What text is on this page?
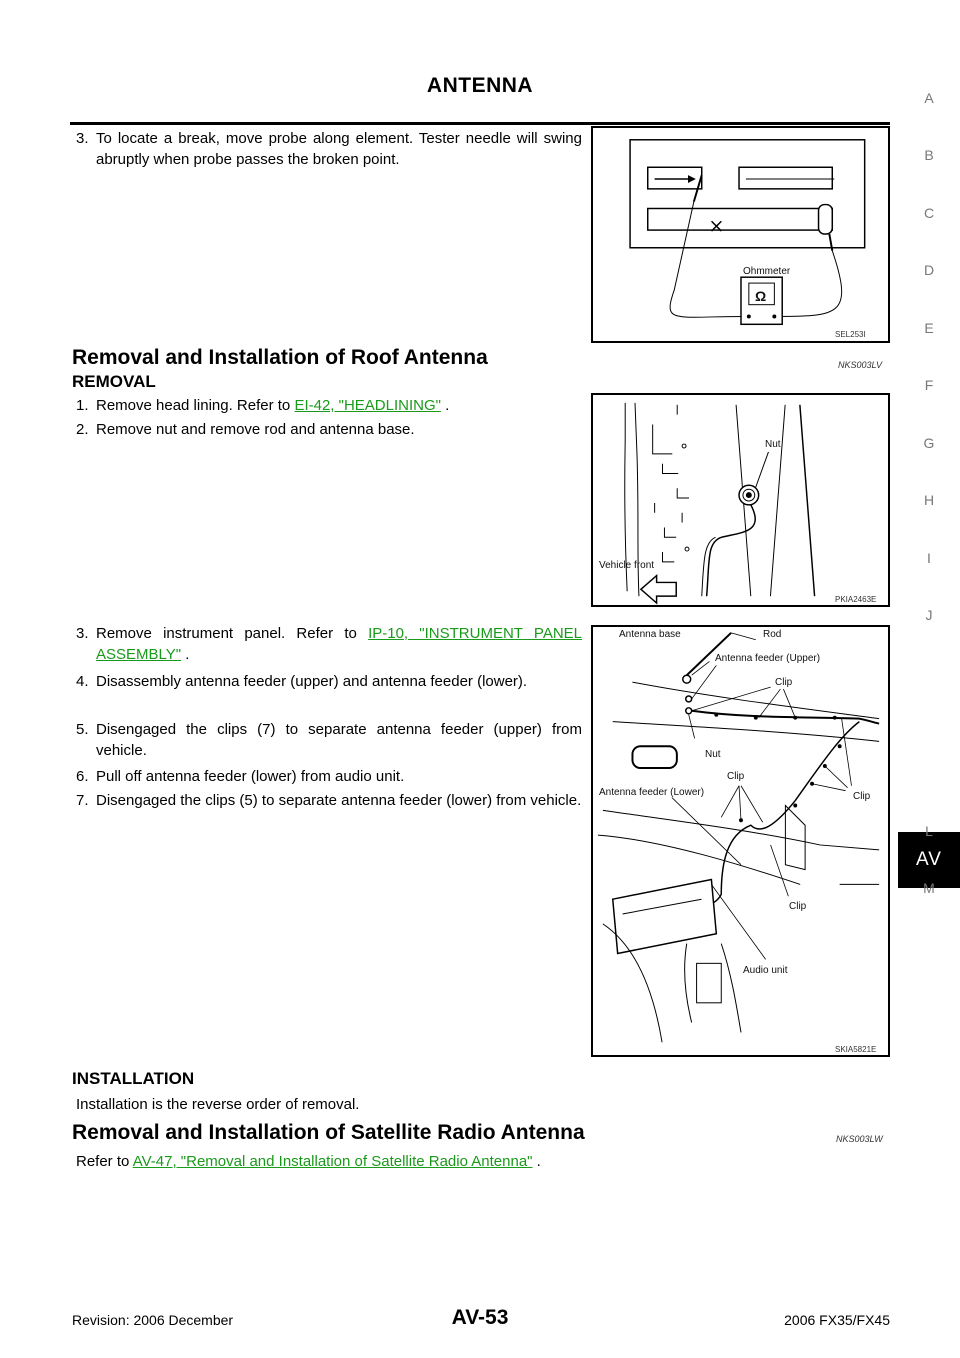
ANTENNA
A
B
C
D
E
F
G
H
I
J
AV
L
M
3. To locate a break, move probe along element. Tester needle will swing abruptly when probe passes the broken point.
Ohmmeter
Ω
SEL253I
Removal and Installation of Roof Antenna	NKS003LV
REMOVAL
1. Remove head lining. Refer to EI-42, "HEADLINING" .
2. Remove nut and remove rod and antenna base.
Nut
Vehicle front
PKIA2463E
3. Remove instrument panel. Refer to IP-10, "INSTRUMENT PANEL ASSEMBLY" .
4. Disassembly antenna feeder (upper) and antenna feeder (lower).
5. Disengaged the clips (7) to separate antenna feeder (upper) from vehicle.
6. Pull off antenna feeder (lower) from audio unit.
7. Disengaged the clips (5) to separate antenna feeder (lower) from vehicle.
Antenna base	Rod
Antenna feeder (Upper)
Clip
Nut
Clip
Clip
Antenna feeder (Lower)
Clip
Audio unit
SKIA5821E
INSTALLATION
Installation is the reverse order of removal.
Removal and Installation of Satellite Radio Antenna	NKS003LW
Refer to AV-47, "Removal and Installation of Satellite Radio Antenna" .
Revision: 2006 December	AV-53	2006 FX35/FX45
